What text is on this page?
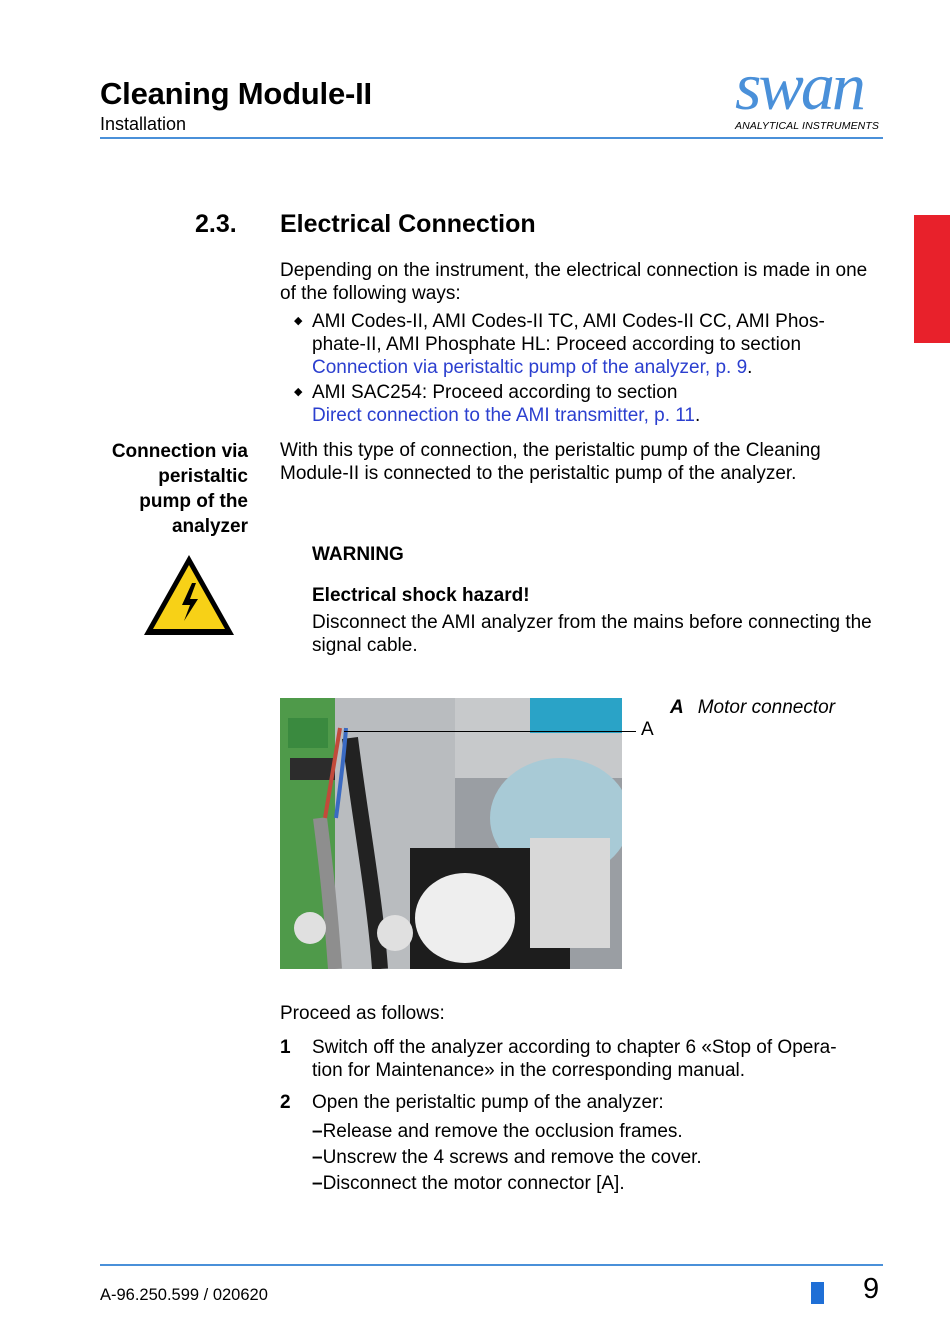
Cleaning Module-II
Installation	swan
ANALYTICAL INSTRUMENTS
2.3. Electrical Connection
Depending on the instrument, the electrical connection is made in one of the following ways:
◆ AMI Codes-II, AMI Codes-II TC, AMI Codes-II CC, AMI Phos-
phate-II, AMI Phosphate HL: Proceed according to section
Connection via peristaltic pump of the analyzer, p. 9.
◆ AMI SAC254: Proceed according to section
Direct connection to the AMI transmitter, p. 11.
Connection via
peristaltic
pump of the
analyzer
With this type of connection, the peristaltic pump of the Cleaning Module-II is connected to the peristaltic pump of the analyzer.
WARNING
Electrical shock hazard!
Disconnect the AMI analyzer from the mains before connecting the signal cable.
A
A Motor connector
Proceed as follows:
1 Switch off the analyzer according to chapter 6 «Stop of Opera-
tion for Maintenance» in the corresponding manual.
2 Open the peristaltic pump of the analyzer:
–Release and remove the occlusion frames.
–Unscrew the 4 screws and remove the cover.
–Disconnect the motor connector [A].
A-96.250.599 / 020620	9
